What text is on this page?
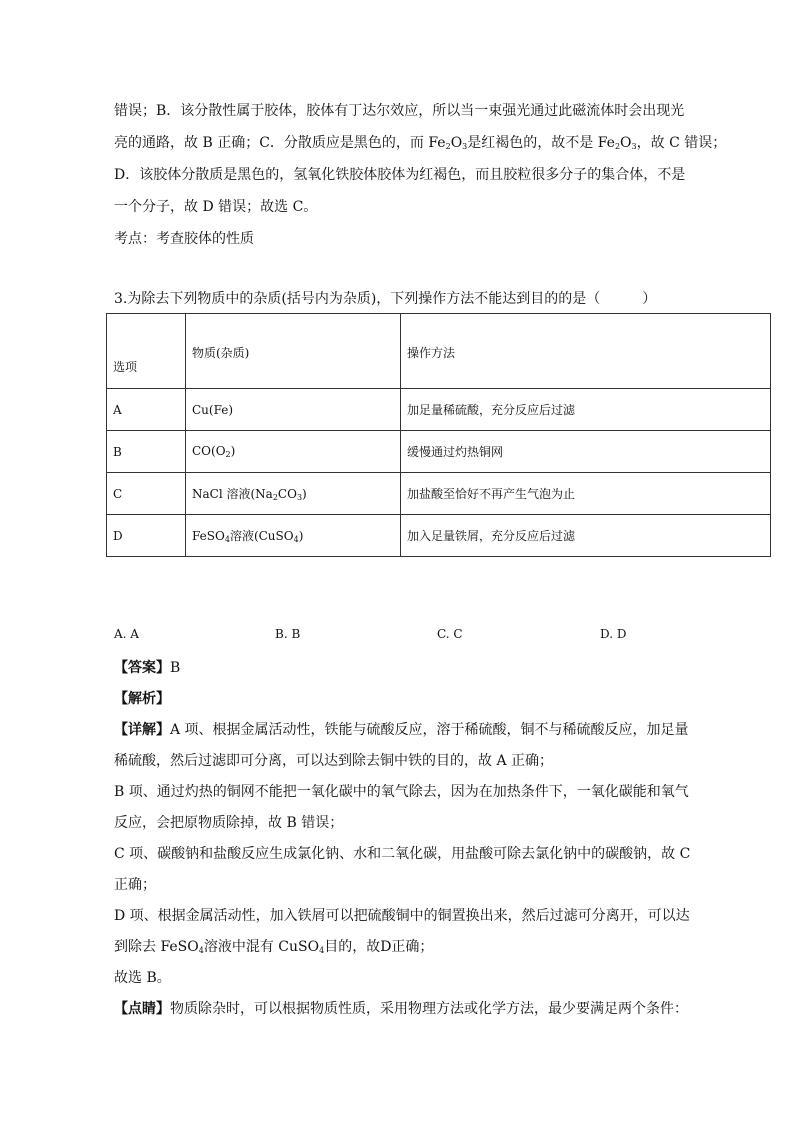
错误；B．该分散性属于胶体，胶体有丁达尔效应，所以当一束强光通过此磁流体时会出现光
亮的通路，故 B 正确；C．分散质应是黑色的，而 $Fe_2O_3$是红褐色的，故不是 $Fe_2O_3$，故 C 错误；
D．该胶体分散质是黑色的，氢氧化铁胶体胶体为红褐色，而且胶粒很多分子的集合体，不是
一个分子，故 D 错误；故选 C。
考点：考查胶体的性质
3.为除去下列物质中的杂质(括号内为杂质)，下列操作方法不能达到目的的是（　　　）
选项	物质(杂质)	操作方法

A	Cu(Fe)	加足量稀硫酸，充分反应后过滤
B	$CO(O_2)$	缓慢通过灼热铜网
C	NaCl 溶液$(Na_2CO_3)$	加盐酸至恰好不再产生气泡为止
D	FeSO$_4$溶液(CuSO$_4$)	加入足量铁屑，充分反应后过滤
A. A	B. B	C. C	D. D
【答案】B
【解析】
【详解】A 项、根据金属活动性，铁能与硫酸反应，溶于稀硫酸，铜不与稀硫酸反应，加足量
稀硫酸，然后过滤即可分离，可以达到除去铜中铁的目的，故 A 正确；
B 项、通过灼热的铜网不能把一氧化碳中的氧气除去，因为在加热条件下，一氧化碳能和氧气
反应，会把原物质除掉，故 B 错误；
C 项、碳酸钠和盐酸反应生成氯化钠、水和二氧化碳，用盐酸可除去氯化钠中的碳酸钠，故 C
正确；
D 项、根据金属活动性，加入铁屑可以把硫酸铜中的铜置换出来，然后过滤可分离开，可以达
到除去 FeSO$_4$溶液中混有 CuSO$_4$目的，故D正确；
故选 B。
【点睛】物质除杂时，可以根据物质性质，采用物理方法或化学方法，最少要满足两个条件：
